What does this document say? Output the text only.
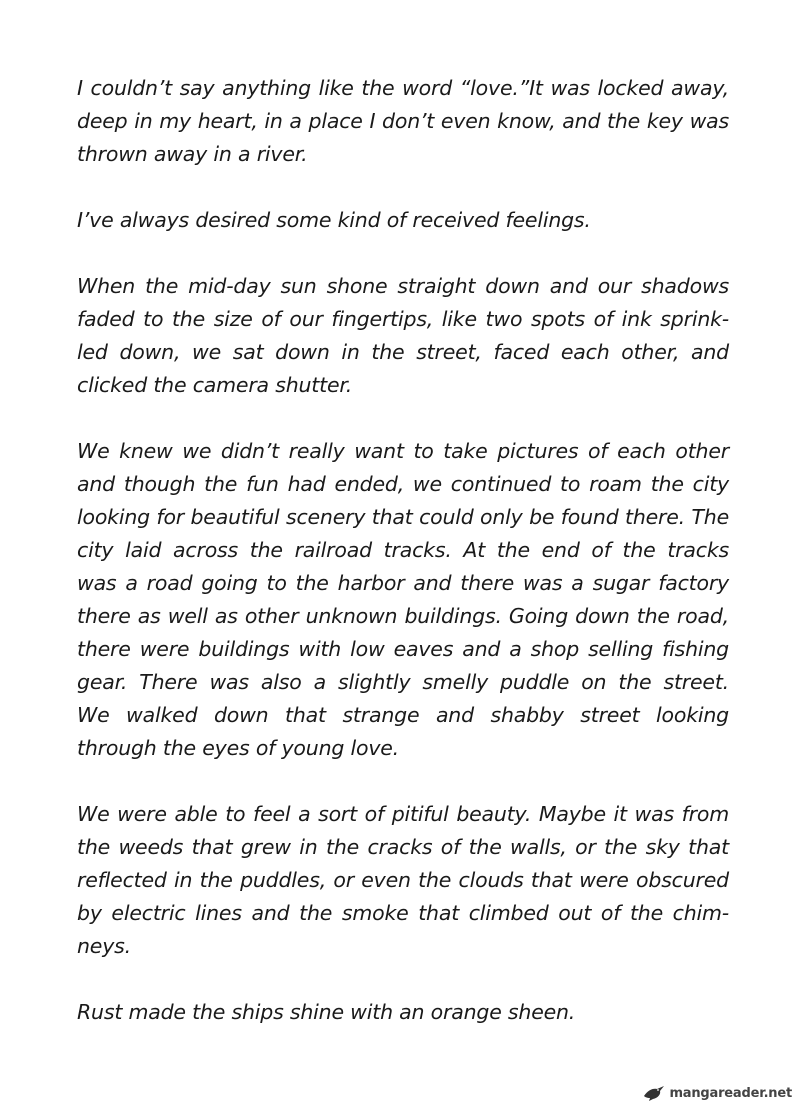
I couldn’t say anything like the word “love.”It was locked away,
deep in my heart, in a place I don’t even know, and the key was
thrown away in a river.

I’ve always desired some kind of received feelings.

When the mid-day sun shone straight down and our shadows
faded to the size of our fingertips, like two spots of ink sprink-
led down, we sat down in the street, faced each other, and
clicked the camera shutter.

We knew we didn’t really want to take pictures of each other
and though the fun had ended, we continued to roam the city
looking for beautiful scenery that could only be found there. The
city laid across the railroad tracks. At the end of the tracks
was a road going to the harbor and there was a sugar factory
there as well as other unknown buildings. Going down the road,
there were buildings with low eaves and a shop selling fishing
gear. There was also a slightly smelly puddle on the street.
We walked down that strange and shabby street looking
through the eyes of young love.

We were able to feel a sort of pitiful beauty. Maybe it was from
the weeds that grew in the cracks of the walls, or the sky that
reflected in the puddles, or even the clouds that were obscured
by electric lines and the smoke that climbed out of the chim-
neys.

Rust made the ships shine with an orange sheen.

mangareader.net
